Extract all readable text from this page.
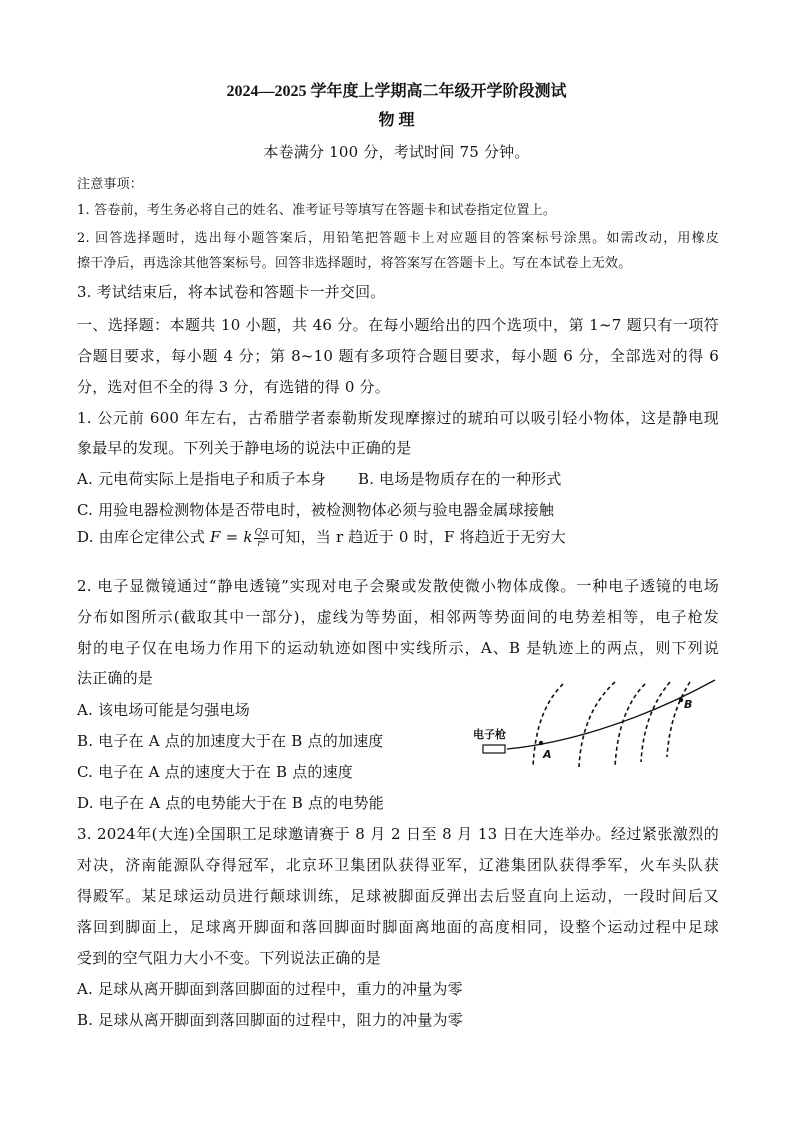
2024—2025 学年度上学期高二年级开学阶段测试
物 理
本卷满分 100 分，考试时间 75 分钟。
注意事项：
1. 答卷前，考生务必将自己的姓名、准考证号等填写在答题卡和试卷指定位置上。
2. 回答选择题时，选出每小题答案后，用铅笔把答题卡上对应题目的答案标号涂黑。如需改动，用橡皮
擦干净后，再选涂其他答案标号。回答非选择题时，将答案写在答题卡上。写在本试卷上无效。
3. 考试结束后，将本试卷和答题卡一并交回。
一、选择题：本题共 10 小题，共 46 分。在每小题给出的四个选项中，第 1~7 题只有一项符
合题目要求，每小题 4 分；第 8~10 题有多项符合题目要求，每小题 6 分，全部选对的得 6
分，选对但不全的得 3 分，有选错的得 0 分。
1. 公元前 600 年左右，古希腊学者泰勒斯发现摩擦过的琥珀可以吸引轻小物体，这是静电现
象最早的发现。下列关于静电场的说法中正确的是
A. 元电荷实际上是指电子和质子本身 B. 电场是物质存在的一种形式
C. 用验电器检测物体是否带电时，被检测物体必须与验电器金属球接触
D. 由库仑定律公式 F = k $\frac{Qq}{\text{r²}}$ 可知，当 r 趋近于 0 时，F 将趋近于无穷大
2. 电子显微镜通过“静电透镜”实现对电子会聚或发散使微小物体成像。一种电子透镜的电场
分布如图所示(截取其中一部分)，虚线为等势面，相邻两等势面间的电势差相等，电子枪发
射的电子仅在电场力作用下的运动轨迹如图中实线所示，A、B 是轨迹上的两点，则下列说
法正确的是
A. 该电场可能是匀强电场
B. 电子在 A 点的加速度大于在 B 点的加速度
C. 电子在 A 点的速度大于在 B 点的速度
D. 电子在 A 点的电势能大于在 B 点的电势能
电子枪
A
B
3. 2024年(大连)全国职工足球邀请赛于 8 月 2 日至 8 月 13 日在大连举办。经过紧张激烈的
对决，济南能源队夺得冠军，北京环卫集团队获得亚军，辽港集团队获得季军，火车头队获
得殿军。某足球运动员进行颠球训练，足球被脚面反弹出去后竖直向上运动，一段时间后又
落回到脚面上，足球离开脚面和落回脚面时脚面离地面的高度相同，设整个运动过程中足球
受到的空气阻力大小不变。下列说法正确的是
A. 足球从离开脚面到落回脚面的过程中，重力的冲量为零
B. 足球从离开脚面到落回脚面的过程中，阻力的冲量为零
